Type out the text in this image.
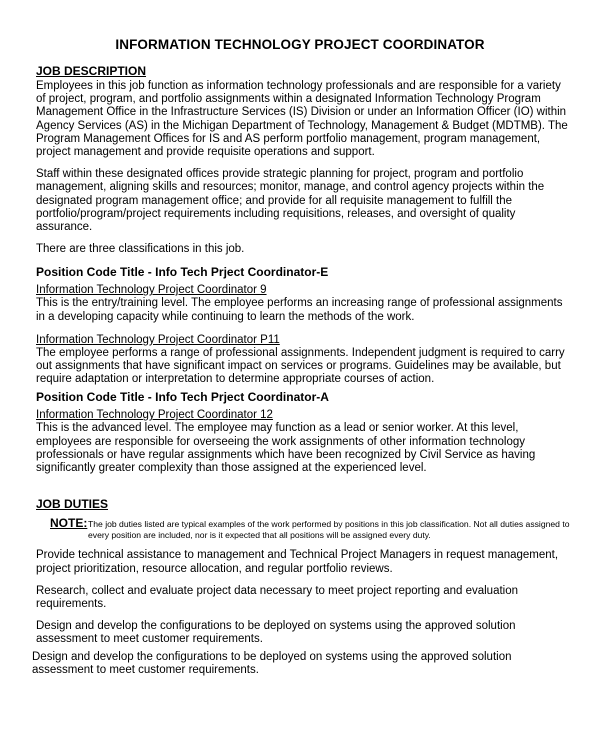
INFORMATION TECHNOLOGY PROJECT COORDINATOR
JOB DESCRIPTION

Employees in this job function as information technology professionals and are responsible for a variety of project, program, and portfolio assignments within a designated Information Technology Program Management Office in the Infrastructure Services (IS) Division or under an Information Officer (IO) within Agency Services (AS) in the Michigan Department of Technology, Management & Budget (MDTMB). The Program Management Offices for IS and AS perform portfolio management, program management, project management and provide requisite operations and support.

Staff within these designated offices provide strategic planning for project, program and portfolio management, aligning skills and resources; monitor, manage, and control agency projects within the designated program management office; and provide for all requisite management to fulfill the portfolio/program/project requirements including requisitions, releases, and oversight of quality assurance.

There are three classifications in this job.

Position Code Title - Info Tech Prject Coordinator-E
Information Technology Project Coordinator 9

This is the entry/training level. The employee performs an increasing range of professional assignments in a developing capacity while continuing to learn the methods of the work.

Information Technology Project Coordinator P11

The employee performs a range of professional assignments. Independent judgment is required to carry out assignments that have significant impact on services or programs. Guidelines may be available, but require adaptation or interpretation to determine appropriate courses of action.

Position Code Title - Info Tech Prject Coordinator-A
Information Technology Project Coordinator 12

This is the advanced level. The employee may function as a lead or senior worker. At this level, employees are responsible for overseeing the work assignments of other information technology professionals or have regular assignments which have been recognized by Civil Service as having significantly greater complexity than those assigned at the experienced level.

JOB DUTIES
NOTE: The job duties listed are typical examples of the work performed by positions in this job classification. Not all duties assigned to every position are included, nor is it expected that all positions will be assigned every duty.

Provide technical assistance to management and Technical Project Managers in request management, project prioritization, resource allocation, and regular portfolio reviews.

Research, collect and evaluate project data necessary to meet project reporting and evaluation requirements.

Design and develop the configurations to be deployed on systems using the approved solution assessment to meet customer requirements.

Design and develop the configurations to be deployed on systems using the approved solution assessment to meet customer requirements.
